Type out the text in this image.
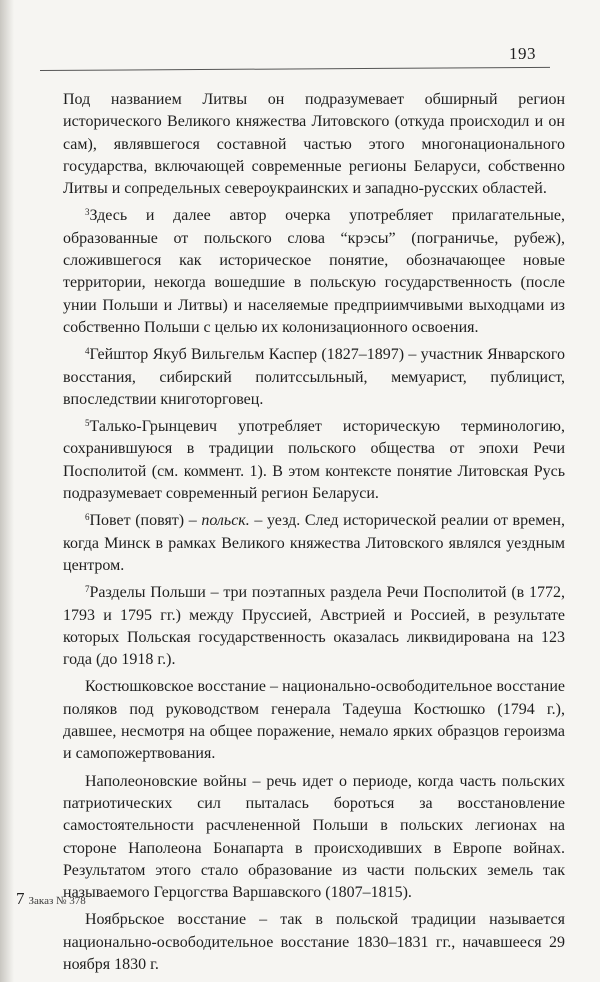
193

Под названием Литвы он подразумевает обширный регион исторического Великого княжества Литовского (откуда происходил и он сам), являвшегося составной частью этого многонационального государства, включающей современные регионы Беларуси, собственно Литвы и сопредельных североукраинских и западно-русских областей.

$^3$Здесь и далее автор очерка употребляет прилагательные, образованные от польского слова “крэсы” (пограничье, рубеж), сложившегося как историческое понятие, обозначающее новые территории, некогда вошедшие в польскую государственность (после унии Польши и Литвы) и населяемые предприимчивыми выходцами из собственно Польши с целью их колонизационного освоения.

$^4$Гейштор Якуб Вильгельм Каспер (1827–1897) – участник Январского восстания, сибирский политссыльный, мемуарист, публицист, впоследствии книготорговец.

$^5$Талько-Грынцевич употребляет историческую терминологию, сохранившуюся в традиции польского общества от эпохи Речи Посполитой (см. коммент. 1). В этом контексте понятие Литовская Русь подразумевает современный регион Беларуси.

$^6$Повет (повят) – польск. – уезд. След исторической реалии от времен, когда Минск в рамках Великого княжества Литовского являлся уездным центром.

$^7$Разделы Польши – три поэтапных раздела Речи Посполитой (в 1772, 1793 и 1795 гг.) между Пруссией, Австрией и Россией, в результате которых Польская государственность оказалась ликвидирована на 123 года (до 1918 г.).

Костюшковское восстание – национально-освободительное восстание поляков под руководством генерала Тадеуша Костюшко (1794 г.), давшее, несмотря на общее поражение, немало ярких образцов героизма и самопожертвования.

Наполеоновские войны – речь идет о периоде, когда часть польских патриотических сил пыталась бороться за восстановление самостоятельности расчлененной Польши в польских легионах на стороне Наполеона Бонапарта в происходивших в Европе войнах. Результатом этого стало образование из части польских земель так называемого Герцогства Варшавского (1807–1815).

Ноябрьское восстание – так в польской традиции называется национально-освободительное восстание 1830–1831 гг., начавшееся 29 ноября 1830 г.

7 Заказ № 378
